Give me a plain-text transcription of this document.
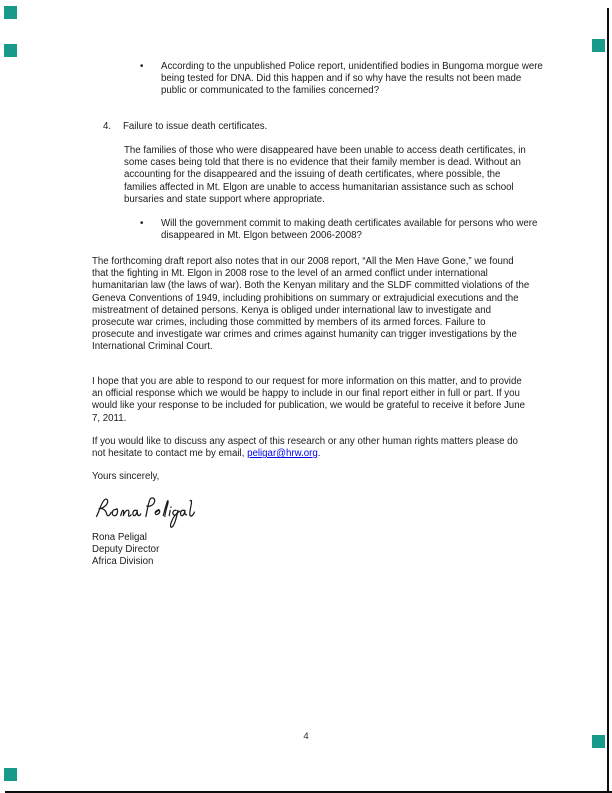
•	According to the unpublished Police report, unidentified bodies in Bungoma morgue were being tested for DNA. Did this happen and if so why have the results not been made public or communicated to the families concerned?

4.	Failure to issue death certificates.

The families of those who were disappeared have been unable to access death certificates, in some cases being told that there is no evidence that their family member is dead. Without an accounting for the disappeared and the issuing of death certificates, where possible, the families affected in Mt. Elgon are unable to access humanitarian assistance such as school bursaries and state support where appropriate.

•	Will the government commit to making death certificates available for persons who were disappeared in Mt. Elgon between 2006-2008?

The forthcoming draft report also notes that in our 2008 report, “All the Men Have Gone,” we found that the fighting in Mt. Elgon in 2008 rose to the level of an armed conflict under international humanitarian law (the laws of war). Both the Kenyan military and the SLDF committed violations of the Geneva Conventions of 1949, including prohibitions on summary or extrajudicial executions and the mistreatment of detained persons. Kenya is obliged under international law to investigate and prosecute war crimes, including those committed by members of its armed forces. Failure to prosecute and investigate war crimes and crimes against humanity can trigger investigations by the International Criminal Court.

I hope that you are able to respond to our request for more information on this matter, and to provide an official response which we would be happy to include in our final report either in full or part. If you would like your response to be included for publication, we would be grateful to receive it before June 7, 2011.

If you would like to discuss any aspect of this research or any other human rights matters please do not hesitate to contact me by email, peligar@hrw.org.

Yours sincerely,

Rona Peligal
Deputy Director
Africa Division
4
